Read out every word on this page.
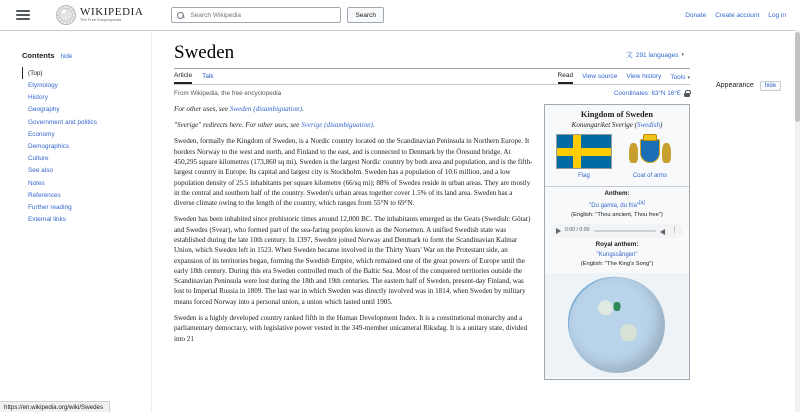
WIKIPEDIA
The Free Encyclopedia
Search Wikipedia
Search	Donate Create account Log in
Contents hide
(Top)
Etymology
History
Geography
Government and politics
Economy
Demographics
Culture
See also
Notes
References
Further reading
External links
Sweden	文 291 languages ▾
Article Talk	Read View source View history Tools ▾
From Wikipedia, the free encyclopedia	Coordinates: 63°N 16°E
Kingdom of Sweden
Konungariket Sverige (Swedish)
Flag	Coat of arms
Anthem:
"Du gamla, du fria"[a]
(English: "Thou ancient, Thou free")
0:00 / 0:00	⋮
Royal anthem:
"Kungssången"
(English: "The King's Song")

For other uses, see Sweden (disambiguation).

"Sverige" redirects here. For other uses, see Sverige (disambiguation).

Sweden, formally the Kingdom of Sweden, is a Nordic country located on the Scandinavian Peninsula in Northern Europe. It borders Norway to the west and north, and Finland to the east, and is connected to Denmark by the Öresund bridge. At 450,295 square kilometres (173,860 sq mi), Sweden is the largest Nordic country by both area and population, and is the fifth-largest country in Europe. Its capital and largest city is Stockholm. Sweden has a population of 10.6 million, and a low population density of 25.5 inhabitants per square kilometre (66/sq mi); 88% of Swedes reside in urban areas. They are mostly in the central and southern half of the country. Sweden's urban areas together cover 1.5% of its land area. Sweden has a diverse climate owing to the length of the country, which ranges from 55°N to 69°N.

Sweden has been inhabited since prehistoric times around 12,000 BC. The inhabitants emerged as the Geats (Swedish: Götar) and Swedes (Svear), who formed part of the sea-faring peoples known as the Norsemen. A unified Swedish state was established during the late 10th century. In 1397, Sweden joined Norway and Denmark to form the Scandinavian Kalmar Union, which Sweden left in 1523. When Sweden became involved in the Thirty Years' War on the Protestant side, an expansion of its territories began, forming the Swedish Empire, which remained one of the great powers of Europe until the early 18th century. During this era Sweden controlled much of the Baltic Sea. Most of the conquered territories outside the Scandinavian Peninsula were lost during the 18th and 19th centuries. The eastern half of Sweden, present-day Finland, was lost to Imperial Russia in 1809. The last war in which Sweden was directly involved was in 1814, when Sweden by military means forced Norway into a personal union, a union which lasted until 1905.

Sweden is a highly developed country ranked fifth in the Human Development Index. It is a constitutional monarchy and a parliamentary democracy, with legislative power vested in the 349-member unicameral Riksdag. It is a unitary state, divided into 21

Appearance	hide
https://en.wikipedia.org/wiki/Swedes
